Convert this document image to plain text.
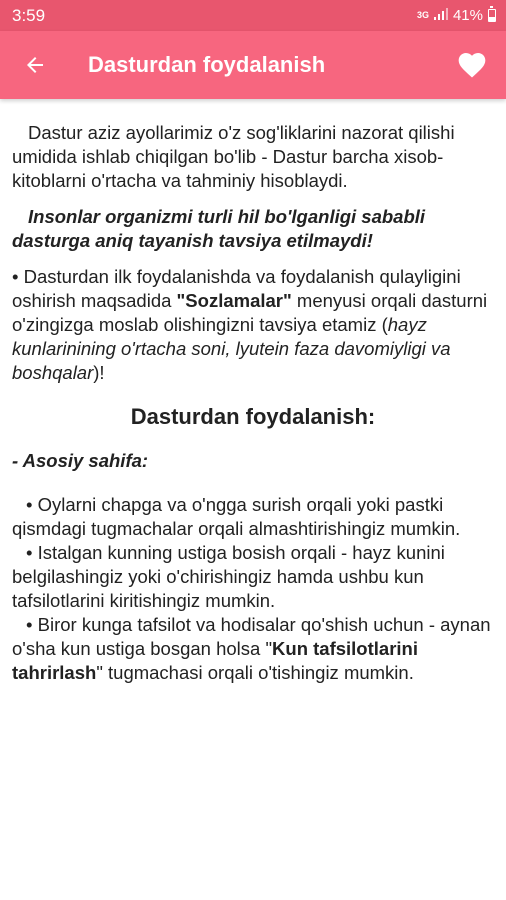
3:59	3G 41%
Dasturdan foydalanish

Dastur aziz ayollarimiz o'z sog'liklarini nazorat qilishi umidida ishlab chiqilgan bo'lib - Dastur barcha xisob-kitoblarni o'rtacha va tahminiy hisoblaydi.

Insonlar organizmi turli hil bo'lganligi sababli dasturga aniq tayanish tavsiya etilmaydi!

• Dasturdan ilk foydalanishda va foydalanish qulayligini oshirish maqsadida "Sozlamalar" menyusi orqali dasturni o'zingizga moslab olishingizni tavsiya etamiz (hayz kunlarinining o'rtacha soni, lyutein faza davomiyligi va boshqalar)!

Dasturdan foydalanish:

- Asosiy sahifa:

• Oylarni chapga va o'ngga surish orqali yoki pastki qismdagi tugmachalar orqali almashtirishingiz mumkin.

• Istalgan kunning ustiga bosish orqali - hayz kunini belgilashingiz yoki o'chirishingiz hamda ushbu kun tafsilotlarini kiritishingiz mumkin.

• Biror kunga tafsilot va hodisalar qo'shish uchun - aynan o'sha kun ustiga bosgan holsa "Kun tafsilotlarini tahrirlash" tugmachasi orqali o'tishingiz mumkin.
